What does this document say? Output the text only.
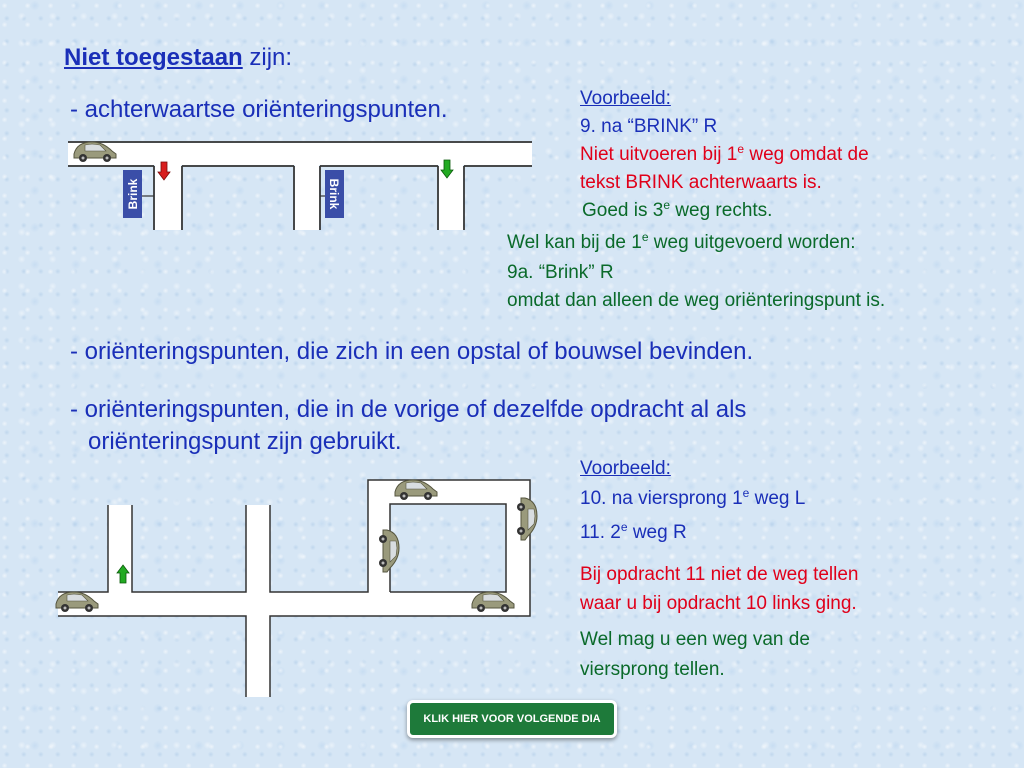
Niet toegestaan zijn:
- achterwaartse oriënteringspunten.
- oriënteringspunten, die zich in een opstal of bouwsel bevinden.
- oriënteringspunten, die in de vorige of dezelfde opdracht al als
oriënteringspunt zijn gebruikt.
Voorbeeld:
9. na “BRINK” R
Niet uitvoeren bij 1e weg omdat de
tekst BRINK achterwaarts is.
Goed is 3e weg rechts.
Wel kan bij de 1e weg uitgevoerd worden:
9a. “Brink” R
omdat dan alleen de weg oriënteringspunt is.
Voorbeeld:
10. na viersprong 1e weg L
11. 2e weg R
Bij opdracht 11 niet de weg tellen
waar u bij opdracht 10 links ging.
Wel mag u een weg van de
viersprong tellen.
Brink	Brink
KLIK HIER VOOR VOLGENDE DIA
